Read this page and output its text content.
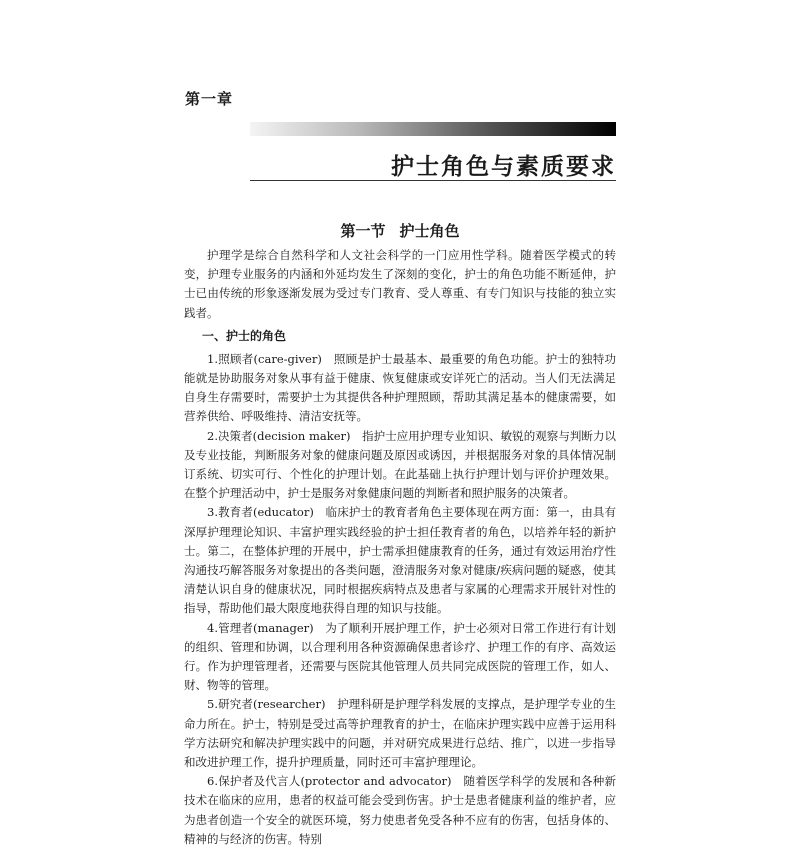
第一章
护士角色与素质要求
第一节 护士角色

护理学是综合自然科学和人文社会科学的一门应用性学科。随着医学模式的转变，护理专业服务的内涵和外延均发生了深刻的变化，护士的角色功能不断延伸，护士已由传统的形象逐渐发展为受过专门教育、受人尊重、有专门知识与技能的独立实践者。

一、护士的角色

1.照顾者(care-giver)　照顾是护士最基本、最重要的角色功能。护士的独特功能就是协助服务对象从事有益于健康、恢复健康或安详死亡的活动。当人们无法满足自身生存需要时，需要护士为其提供各种护理照顾，帮助其满足基本的健康需要，如营养供给、呼吸维持、清洁安抚等。

2.决策者(decision maker)　指护士应用护理专业知识、敏锐的观察与判断力以及专业技能，判断服务对象的健康问题及原因或诱因，并根据服务对象的具体情况制订系统、切实可行、个性化的护理计划。在此基础上执行护理计划与评价护理效果。在整个护理活动中，护士是服务对象健康问题的判断者和照护服务的决策者。

3.教育者(educator)　临床护士的教育者角色主要体现在两方面：第一，由具有深厚护理理论知识、丰富护理实践经验的护士担任教育者的角色，以培养年轻的新护士。第二，在整体护理的开展中，护士需承担健康教育的任务，通过有效运用治疗性沟通技巧解答服务对象提出的各类问题，澄清服务对象对健康/疾病问题的疑惑，使其清楚认识自身的健康状况，同时根据疾病特点及患者与家属的心理需求开展针对性的指导，帮助他们最大限度地获得自理的知识与技能。

4.管理者(manager)　为了顺利开展护理工作，护士必须对日常工作进行有计划的组织、管理和协调，以合理利用各种资源确保患者诊疗、护理工作的有序、高效运行。作为护理管理者，还需要与医院其他管理人员共同完成医院的管理工作，如人、财、物等的管理。

5.研究者(researcher)　护理科研是护理学科发展的支撑点，是护理学专业的生命力所在。护士，特别是受过高等护理教育的护士，在临床护理实践中应善于运用科学方法研究和解决护理实践中的问题，并对研究成果进行总结、推广，以进一步指导和改进护理工作，提升护理质量，同时还可丰富护理理论。

6.保护者及代言人(protector and advocator)　随着医学科学的发展和各种新技术在临床的应用，患者的权益可能会受到伤害。护士是患者健康利益的维护者，应为患者创造一个安全的就医环境，努力使患者免受各种不应有的伤害，包括身体的、精神的与经济的伤害。特别
